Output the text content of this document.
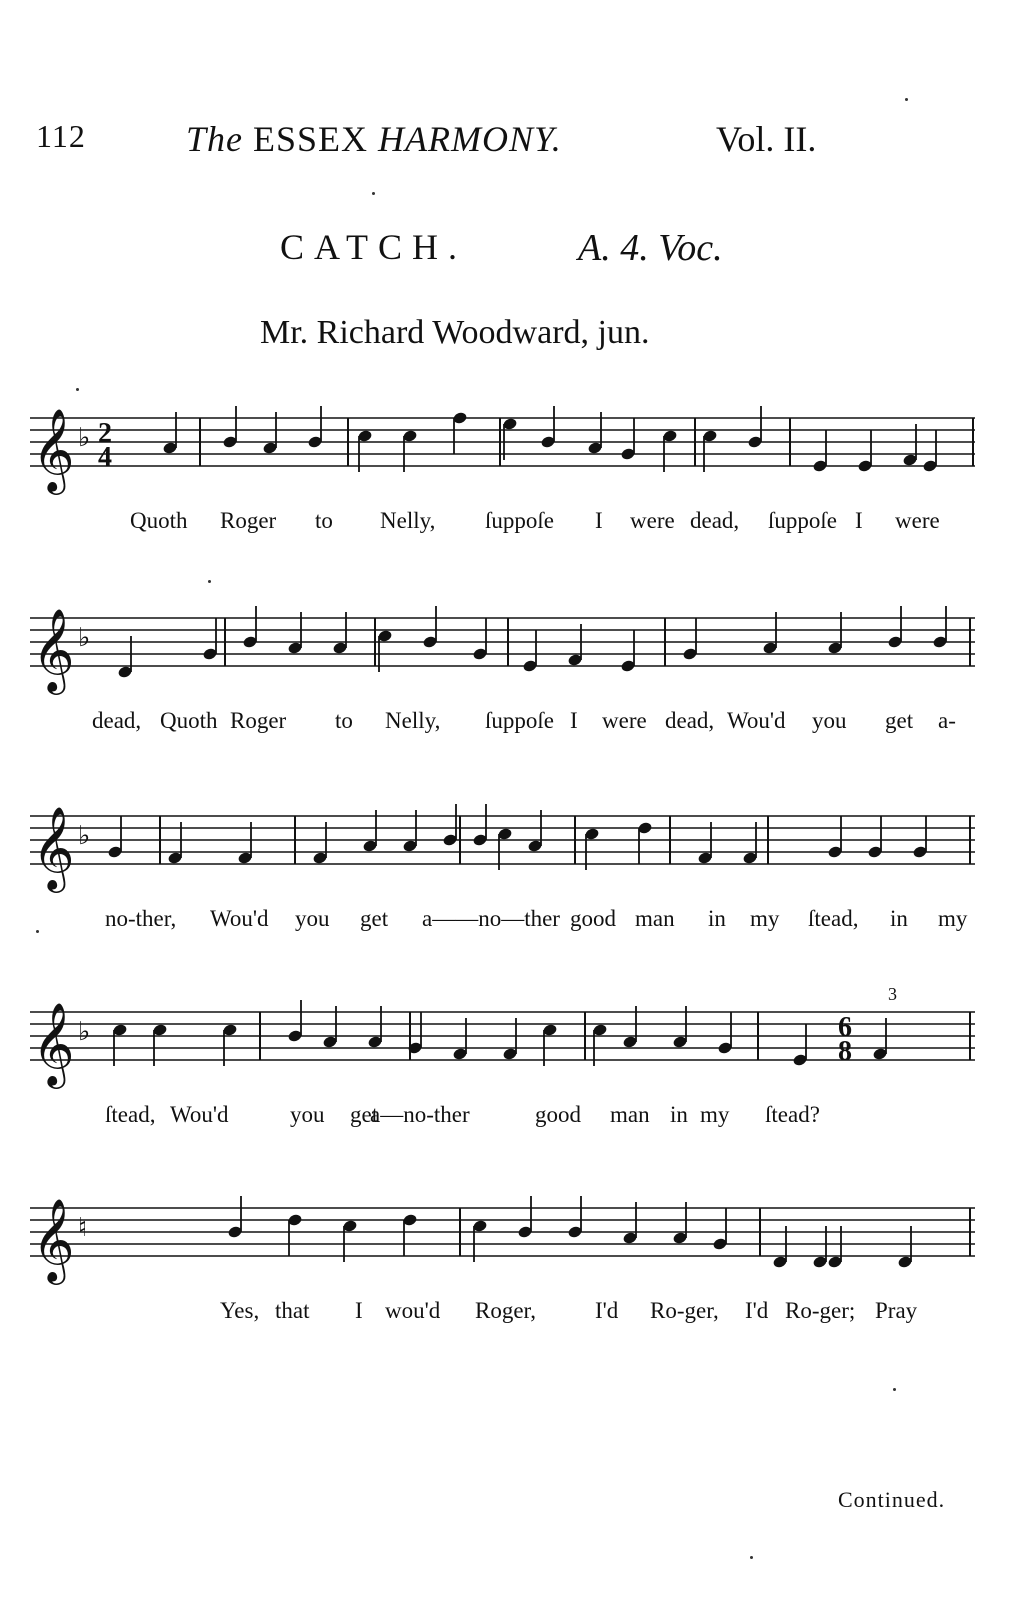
112	The ESSEX HARMONY.	Vol. II.
CATCH.	A. 4. Voc.
Mr. Richard Woodward, jun.
𝄞 ♭ 2
4
Quoth Roger to Nelly, ſuppoſe I were dead, ſuppoſe I were
𝄞 ♭
dead, Quoth Roger to Nelly, ſuppoſe I were dead, Wou'd you get a-
𝄞 ♭
no-ther, Wou'd you get a——no—ther good man in my ſtead, in my
𝄞 ♭	6
8
3
ſtead, Wou'd	you get
a—no-ther	good man in my ſtead?
𝄞 ♮
Yes, that I wou'd Roger,	I'd Ro-ger, I'd Ro-ger; Pray
Continued.
